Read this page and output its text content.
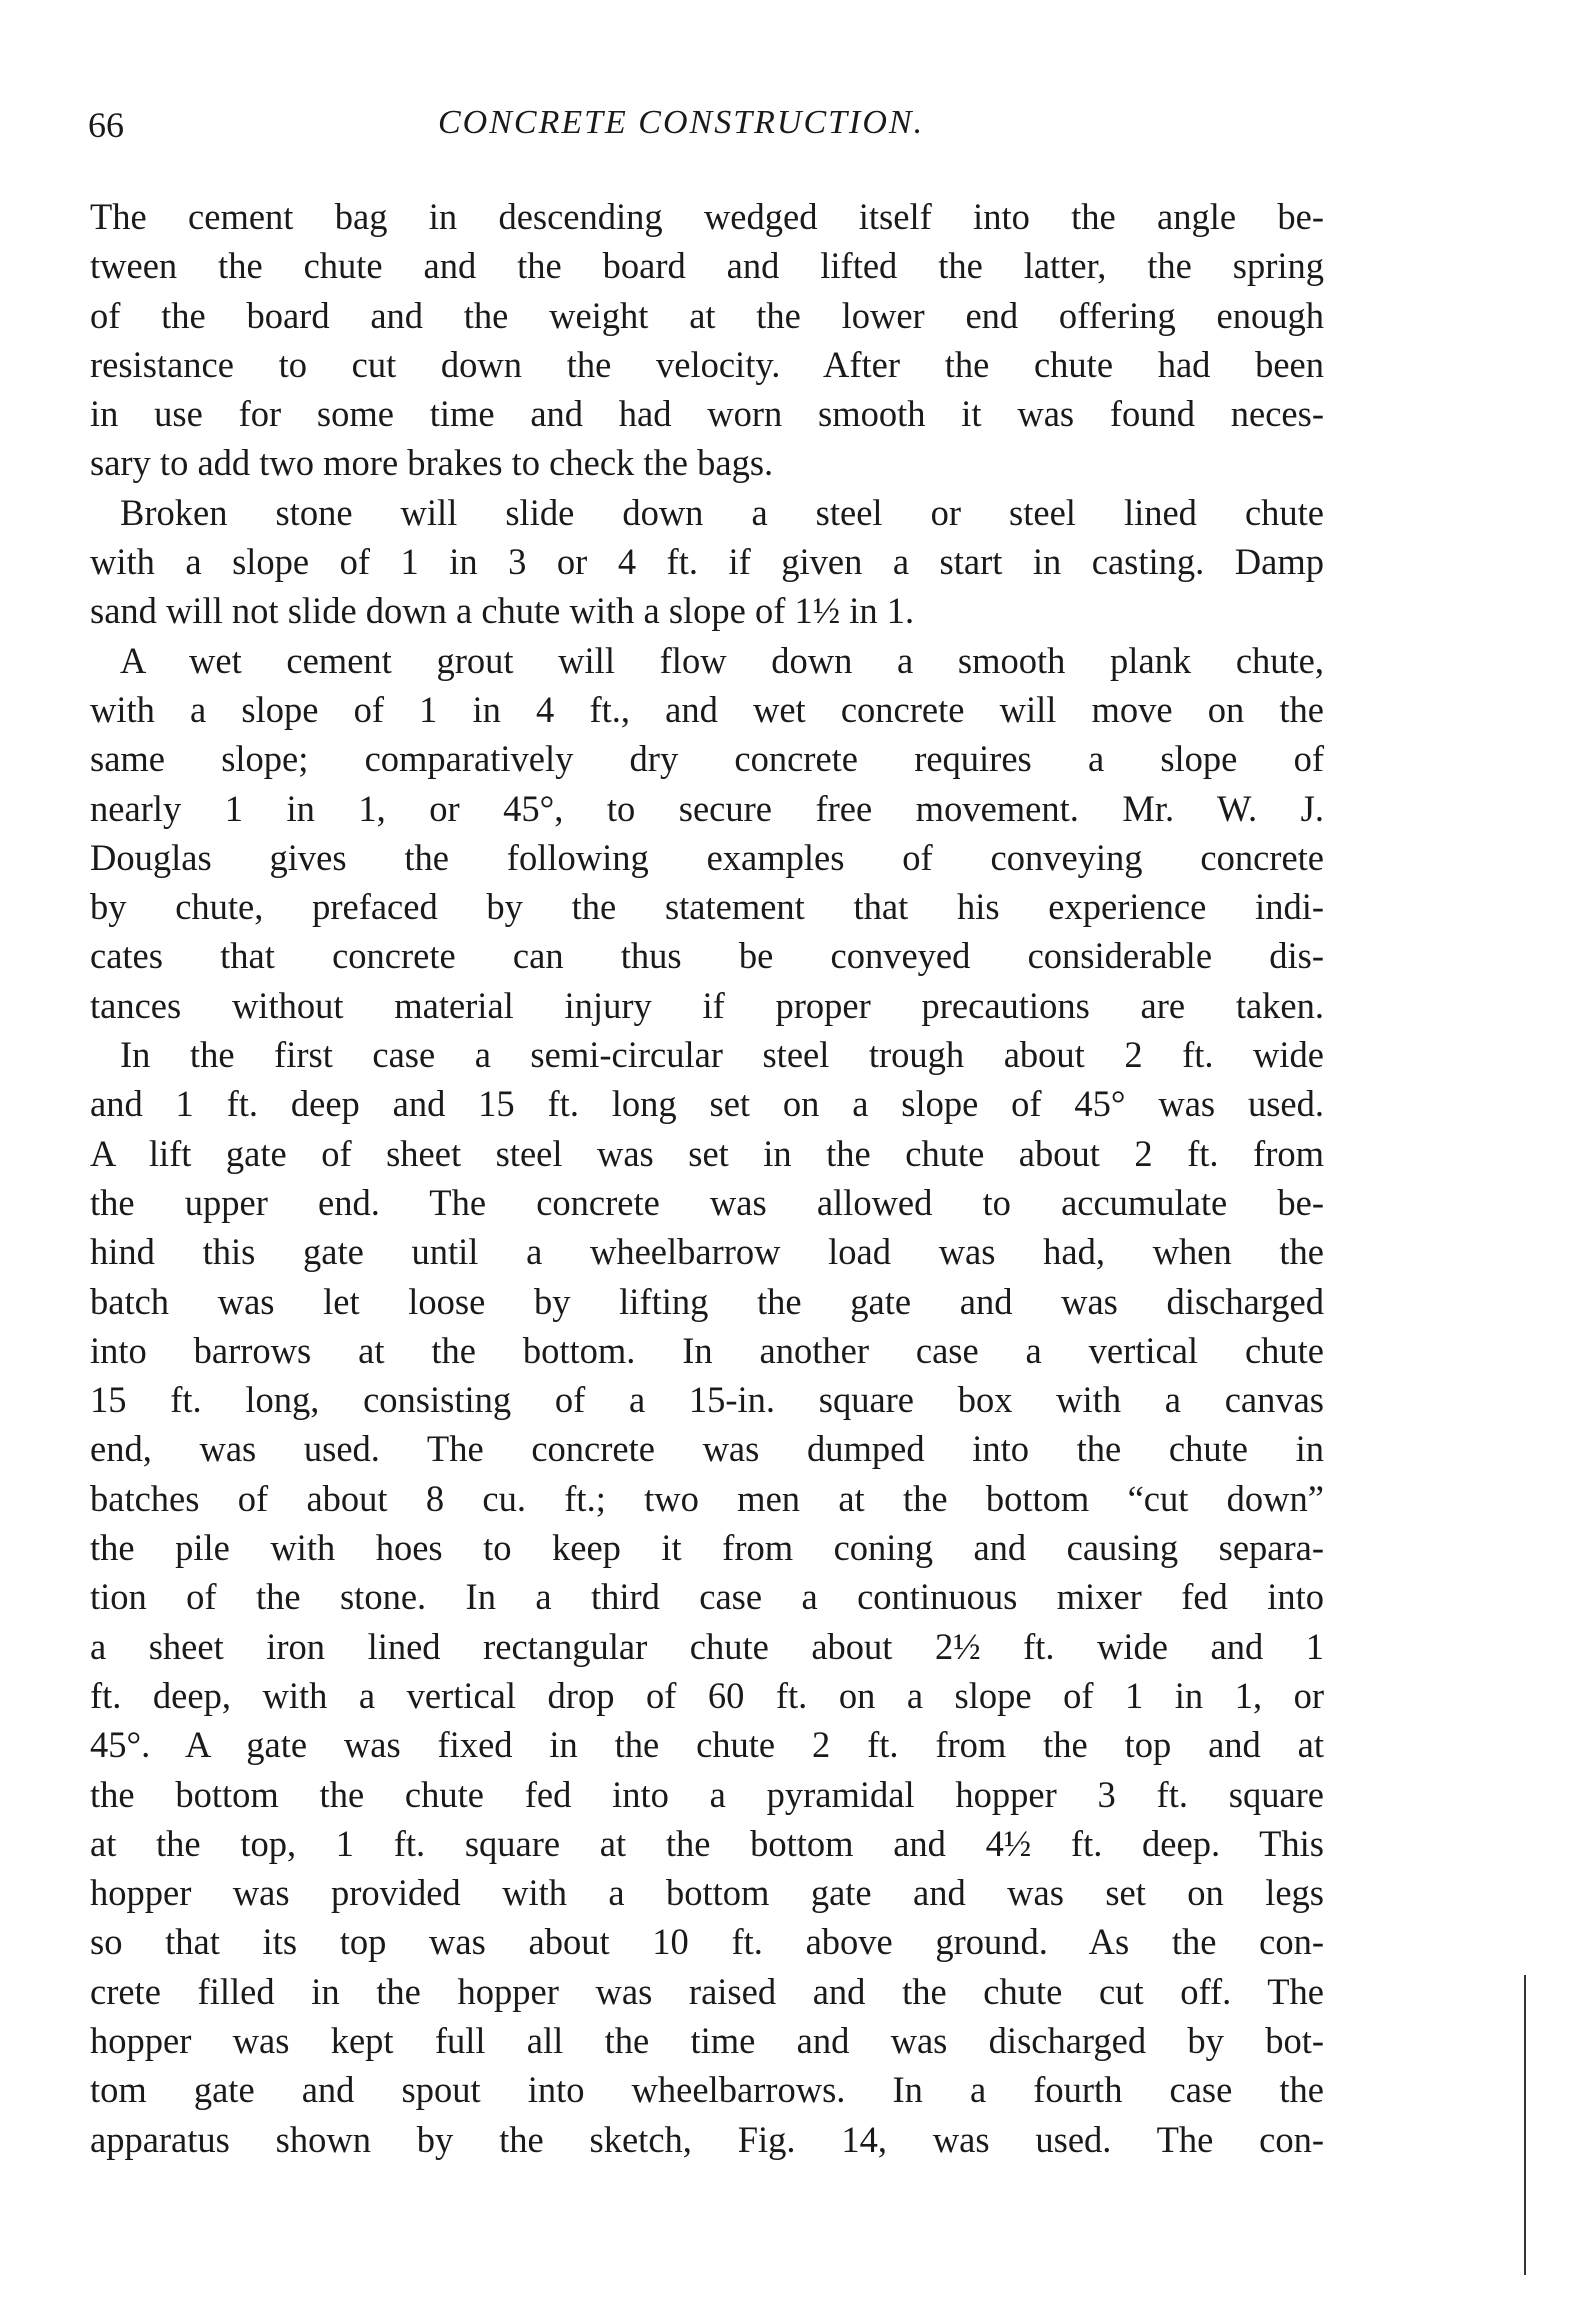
66	CONCRETE CONSTRUCTION.
The cement bag in descending wedged itself into the angle be-
tween the chute and the board and lifted the latter, the spring
of the board and the weight at the lower end offering enough
resistance to cut down the velocity. After the chute had been
in use for some time and had worn smooth it was found neces-
sary to add two more brakes to check the bags.
Broken stone will slide down a steel or steel lined chute
with a slope of 1 in 3 or 4 ft. if given a start in casting. Damp
sand will not slide down a chute with a slope of 1½ in 1.
A wet cement grout will flow down a smooth plank chute,
with a slope of 1 in 4 ft., and wet concrete will move on the
same slope; comparatively dry concrete requires a slope of
nearly 1 in 1, or 45°, to secure free movement. Mr. W. J.
Douglas gives the following examples of conveying concrete
by chute, prefaced by the statement that his experience indi-
cates that concrete can thus be conveyed considerable dis-
tances without material injury if proper precautions are taken.
In the first case a semi-circular steel trough about 2 ft. wide
and 1 ft. deep and 15 ft. long set on a slope of 45° was used.
A lift gate of sheet steel was set in the chute about 2 ft. from
the upper end. The concrete was allowed to accumulate be-
hind this gate until a wheelbarrow load was had, when the
batch was let loose by lifting the gate and was discharged
into barrows at the bottom. In another case a vertical chute
15 ft. long, consisting of a 15-in. square box with a canvas
end, was used. The concrete was dumped into the chute in
batches of about 8 cu. ft.; two men at the bottom “cut down”
the pile with hoes to keep it from coning and causing separa-
tion of the stone. In a third case a continuous mixer fed into
a sheet iron lined rectangular chute about 2½ ft. wide and 1
ft. deep, with a vertical drop of 60 ft. on a slope of 1 in 1, or
45°. A gate was fixed in the chute 2 ft. from the top and at
the bottom the chute fed into a pyramidal hopper 3 ft. square
at the top, 1 ft. square at the bottom and 4½ ft. deep. This
hopper was provided with a bottom gate and was set on legs
so that its top was about 10 ft. above ground. As the con-
crete filled in the hopper was raised and the chute cut off. The
hopper was kept full all the time and was discharged by bot-
tom gate and spout into wheelbarrows. In a fourth case the
apparatus shown by the sketch, Fig. 14, was used. The con-
